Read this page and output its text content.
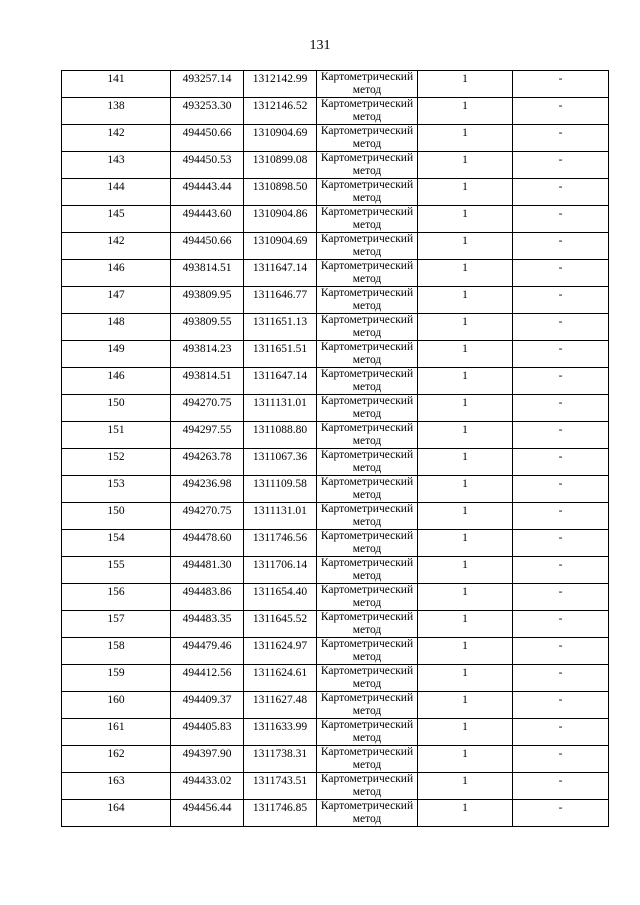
131
141	493257.14	1312142.99	Картометрический метод	1	-
138	493253.30	1312146.52	Картометрический метод	1	-
142	494450.66	1310904.69	Картометрический метод	1	-
143	494450.53	1310899.08	Картометрический метод	1	-
144	494443.44	1310898.50	Картометрический метод	1	-
145	494443.60	1310904.86	Картометрический метод	1	-
142	494450.66	1310904.69	Картометрический метод	1	-
146	493814.51	1311647.14	Картометрический метод	1	-
147	493809.95	1311646.77	Картометрический метод	1	-
148	493809.55	1311651.13	Картометрический метод	1	-
149	493814.23	1311651.51	Картометрический метод	1	-
146	493814.51	1311647.14	Картометрический метод	1	-
150	494270.75	1311131.01	Картометрический метод	1	-
151	494297.55	1311088.80	Картометрический метод	1	-
152	494263.78	1311067.36	Картометрический метод	1	-
153	494236.98	1311109.58	Картометрический метод	1	-
150	494270.75	1311131.01	Картометрический метод	1	-
154	494478.60	1311746.56	Картометрический метод	1	-
155	494481.30	1311706.14	Картометрический метод	1	-
156	494483.86	1311654.40	Картометрический метод	1	-
157	494483.35	1311645.52	Картометрический метод	1	-
158	494479.46	1311624.97	Картометрический метод	1	-
159	494412.56	1311624.61	Картометрический метод	1	-
160	494409.37	1311627.48	Картометрический метод	1	-
161	494405.83	1311633.99	Картометрический метод	1	-
162	494397.90	1311738.31	Картометрический метод	1	-
163	494433.02	1311743.51	Картометрический метод	1	-
164	494456.44	1311746.85	Картометрический метод	1	-
